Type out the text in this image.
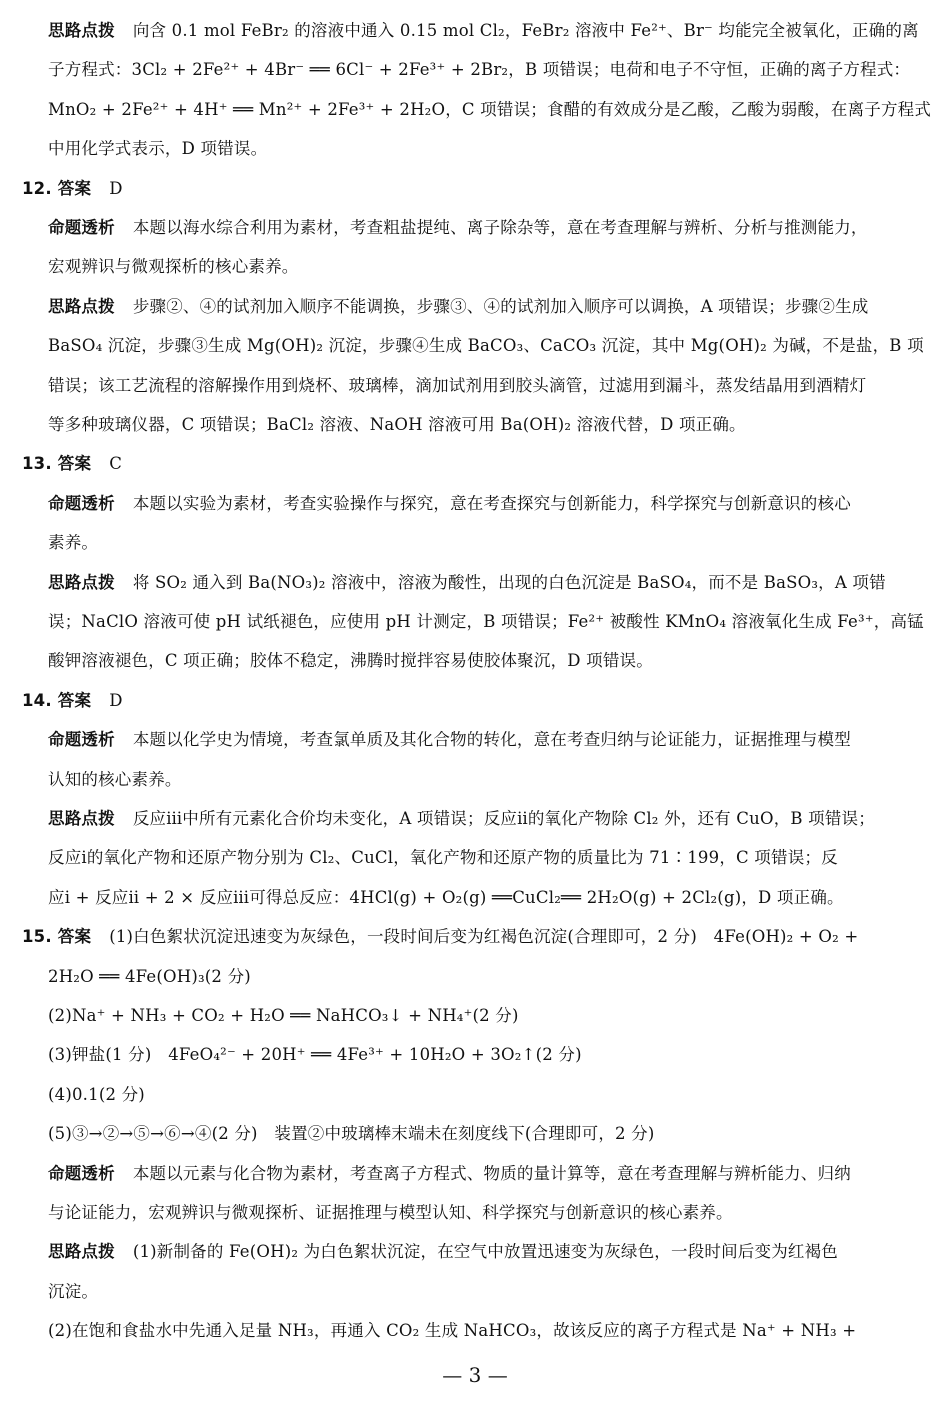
思路点拨 向含 0.1 mol FeBr₂ 的溶液中通入 0.15 mol Cl₂，FeBr₂ 溶液中 Fe²⁺、Br⁻ 均能完全被氧化，正确的离
子方程式：3Cl₂ + 2Fe²⁺ + 4Br⁻ ══ 6Cl⁻ + 2Fe³⁺ + 2Br₂，B 项错误；电荷和电子不守恒，正确的离子方程式：
MnO₂ + 2Fe²⁺ + 4H⁺ ══ Mn²⁺ + 2Fe³⁺ + 2H₂O，C 项错误；食醋的有效成分是乙酸，乙酸为弱酸，在离子方程式
中用化学式表示，D 项错误。
12. 答案 D
命题透析 本题以海水综合利用为素材，考查粗盐提纯、离子除杂等，意在考查理解与辨析、分析与推测能力，
宏观辨识与微观探析的核心素养。
思路点拨 步骤②、④的试剂加入顺序不能调换，步骤③、④的试剂加入顺序可以调换，A 项错误；步骤②生成
BaSO₄ 沉淀，步骤③生成 Mg(OH)₂ 沉淀，步骤④生成 BaCO₃、CaCO₃ 沉淀，其中 Mg(OH)₂ 为碱，不是盐，B 项
错误；该工艺流程的溶解操作用到烧杯、玻璃棒，滴加试剂用到胶头滴管，过滤用到漏斗，蒸发结晶用到酒精灯
等多种玻璃仪器，C 项错误；BaCl₂ 溶液、NaOH 溶液可用 Ba(OH)₂ 溶液代替，D 项正确。
13. 答案 C
命题透析 本题以实验为素材，考查实验操作与探究，意在考查探究与创新能力，科学探究与创新意识的核心
素养。
思路点拨 将 SO₂ 通入到 Ba(NO₃)₂ 溶液中，溶液为酸性，出现的白色沉淀是 BaSO₄，而不是 BaSO₃，A 项错
误；NaClO 溶液可使 pH 试纸褪色，应使用 pH 计测定，B 项错误；Fe²⁺ 被酸性 KMnO₄ 溶液氧化生成 Fe³⁺，高锰
酸钾溶液褪色，C 项正确；胶体不稳定，沸腾时搅拌容易使胶体聚沉，D 项错误。
14. 答案 D
命题透析 本题以化学史为情境，考查氯单质及其化合物的转化，意在考查归纳与论证能力，证据推理与模型
认知的核心素养。
思路点拨 反应ⅲ中所有元素化合价均未变化，A 项错误；反应ⅱ的氧化产物除 Cl₂ 外，还有 CuO，B 项错误；
反应ⅰ的氧化产物和还原产物分别为 Cl₂、CuCl，氧化产物和还原产物的质量比为 71∶199，C 项错误；反
应ⅰ + 反应ⅱ + 2 × 反应ⅲ可得总反应：4HCl(g) + O₂(g) ══CuCl₂══ 2H₂O(g) + 2Cl₂(g)，D 项正确。
15. 答案 (1)白色絮状沉淀迅速变为灰绿色，一段时间后变为红褐色沉淀(合理即可，2 分)　4Fe(OH)₂ + O₂ +
2H₂O ══ 4Fe(OH)₃(2 分)
(2)Na⁺ + NH₃ + CO₂ + H₂O ══ NaHCO₃↓ + NH₄⁺(2 分)
(3)钾盐(1 分)　4FeO₄²⁻ + 20H⁺ ══ 4Fe³⁺ + 10H₂O + 3O₂↑(2 分)
(4)0.1(2 分)
(5)③→②→⑤→⑥→④(2 分)　装置②中玻璃棒末端未在刻度线下(合理即可，2 分)
命题透析 本题以元素与化合物为素材，考查离子方程式、物质的量计算等，意在考查理解与辨析能力、归纳
与论证能力，宏观辨识与微观探析、证据推理与模型认知、科学探究与创新意识的核心素养。
思路点拨 (1)新制备的 Fe(OH)₂ 为白色絮状沉淀，在空气中放置迅速变为灰绿色，一段时间后变为红褐色
沉淀。
(2)在饱和食盐水中先通入足量 NH₃，再通入 CO₂ 生成 NaHCO₃，故该反应的离子方程式是 Na⁺ + NH₃ +
— 3 —
